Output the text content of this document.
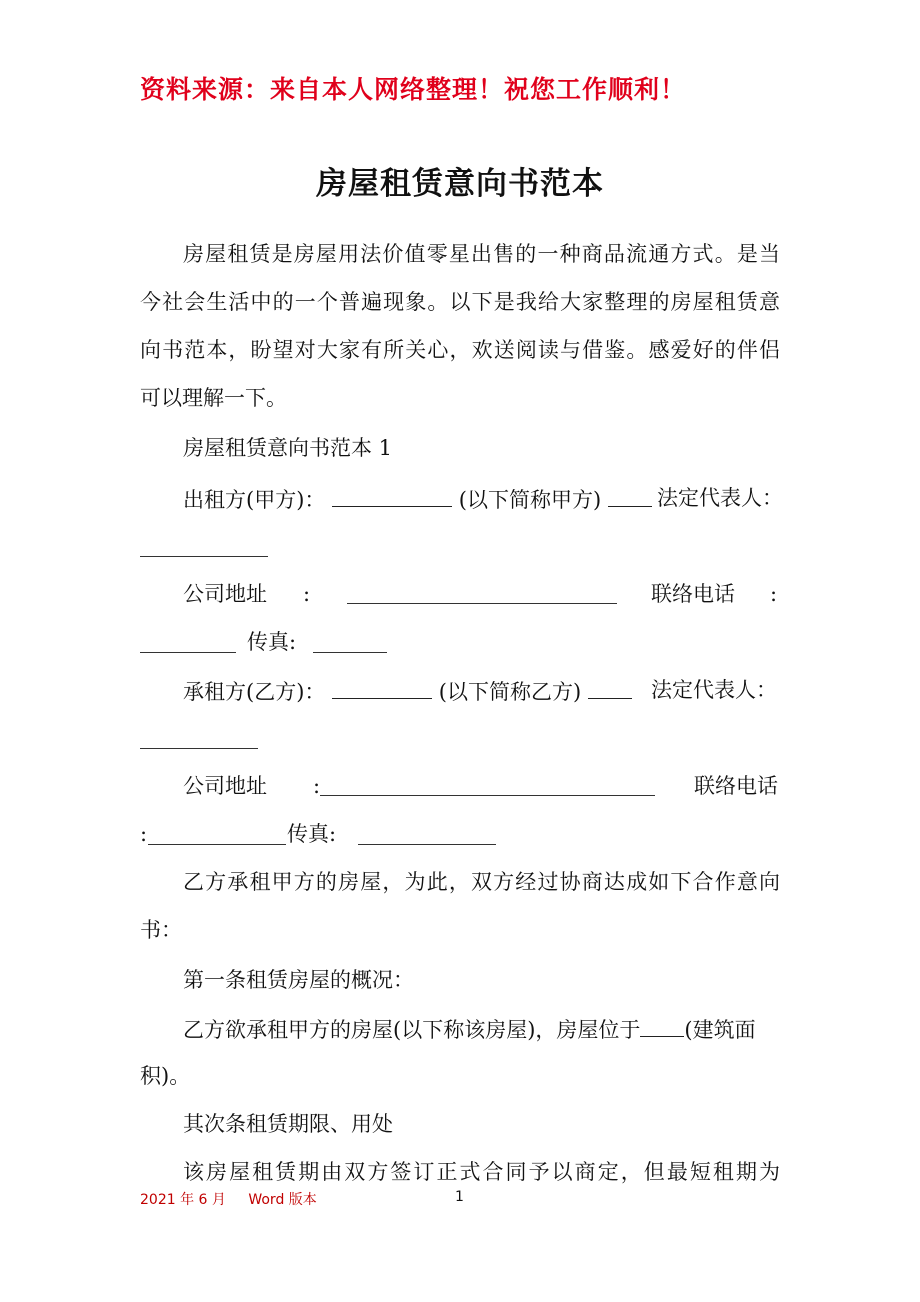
资料来源：来自本人网络整理！祝您工作顺利！
房屋租赁意向书范本
房屋租赁是房屋用法价值零星出售的一种商品流通方式。是当
今社会生活中的一个普遍现象。以下是我给大家整理的房屋租赁意
向书范本，盼望对大家有所关心，欢送阅读与借鉴。感爱好的伴侣
可以理解一下。
房屋租赁意向书范本 1
出租方(甲方)：	(以下简称甲方)	法定代表人：
公司地址	:	联络电话	:
传真:
承租方(乙方)：	(以下简称乙方)	法定代表人：
公司地址	:	联络电话
:	传真:
乙方承租甲方的房屋，为此，双方经过协商达成如下合作意向
书：
第一条租赁房屋的概况：
乙方欲承租甲方的房屋(以下称该房屋)，房屋位于 (建筑面
积)。
其次条租赁期限、用处
该房屋租赁期由双方签订正式合同予以商定，但最短租期为
2021 年 6 月 Word 版本	1
